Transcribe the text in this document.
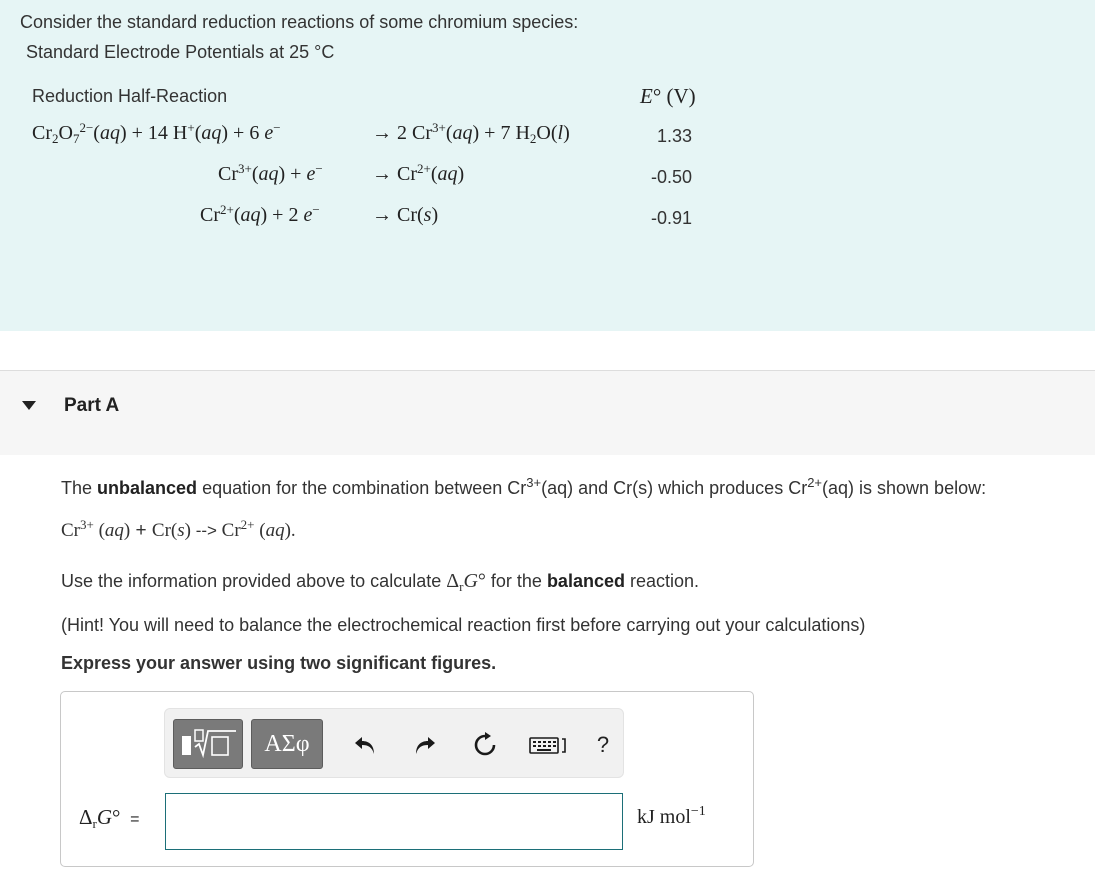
Consider the standard reduction reactions of some chromium species:
Standard Electrode Potentials at 25 °C
Reduction Half-Reaction	E° (V)
$Cr_2O_7^{2-}(aq) + 14$ H+(aq) + 6 e−	→ 2 $Cr^{3+}(aq) + 7$ $H_2O(l)$	1.33
$Cr^{3+}(aq) + e^- \to Cr^{2+}(aq)$	-0.50
$Cr^{2+}(aq) + 2$ e−	→ Cr(s)	-0.91
Part A
The unbalanced equation for the combination between $Cr^{3+}(aq)$ and Cr(s) which produces $Cr^{2+}(aq)$ is shown below:
$Cr^{3+}$ (aq) + Cr(s) --> $Cr^{2+}$ (aq).
Use the information provided above to calculate $\Delta_rG^\circ$ for the balanced reaction.
(Hint! You will need to balance the electrochemical reaction first before carrying out your calculations)
Express your answer using two significant figures.
ΑΣφ	?
$\Delta_rG^\circ$  =	kJ mol$^{-1}$
